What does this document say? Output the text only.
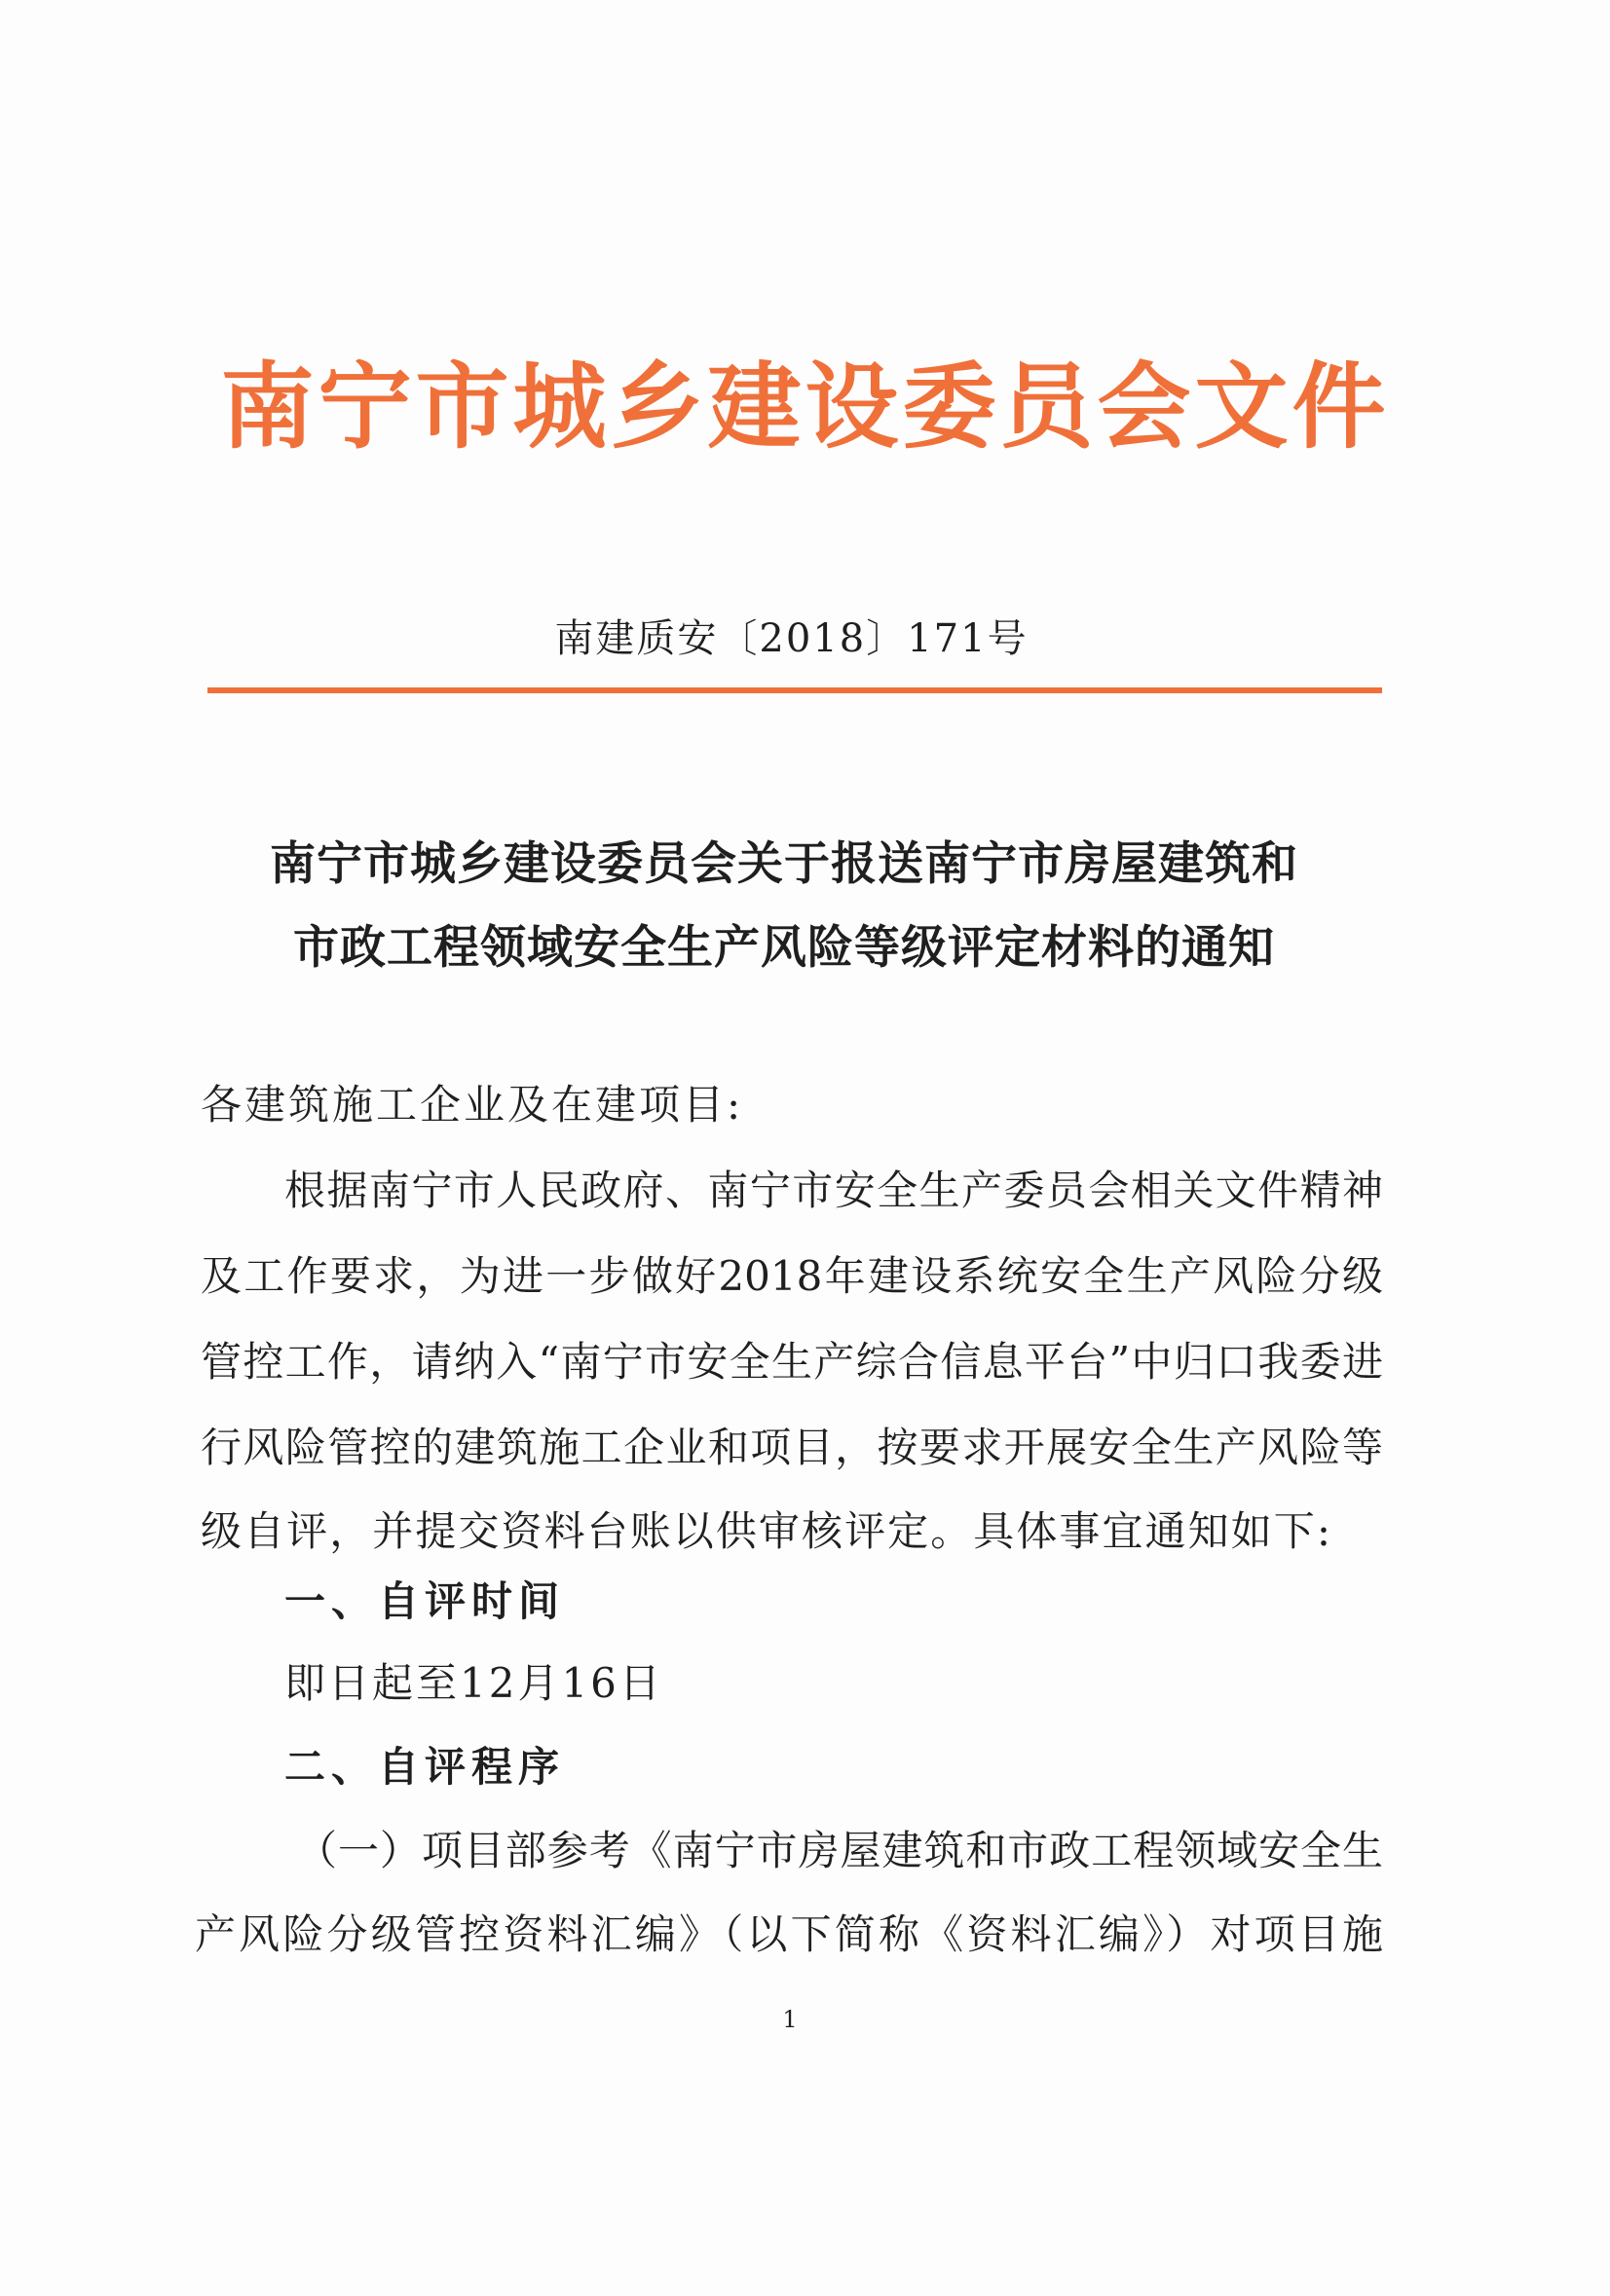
南宁市城乡建设委员会文件
南建质安〔2018〕171号
南宁市城乡建设委员会关于报送南宁市房屋建筑和
市政工程领域安全生产风险等级评定材料的通知
各建筑施工企业及在建项目:
根据南宁市人民政府、南宁市安全生产委员会相关文件精神
及工作要求，为进一步做好2018年建设系统安全生产风险分级
管控工作，请纳入“南宁市安全生产综合信息平台”中归口我委进
行风险管控的建筑施工企业和项目，按要求开展安全生产风险等
级自评，并提交资料台账以供审核评定。具体事宜通知如下:
一、自评时间
即日起至12月16日
二、自评程序
（一）项目部参考《南宁市房屋建筑和市政工程领域安全生
产风险分级管控资料汇编》（以下简称《资料汇编》）对项目施
1
